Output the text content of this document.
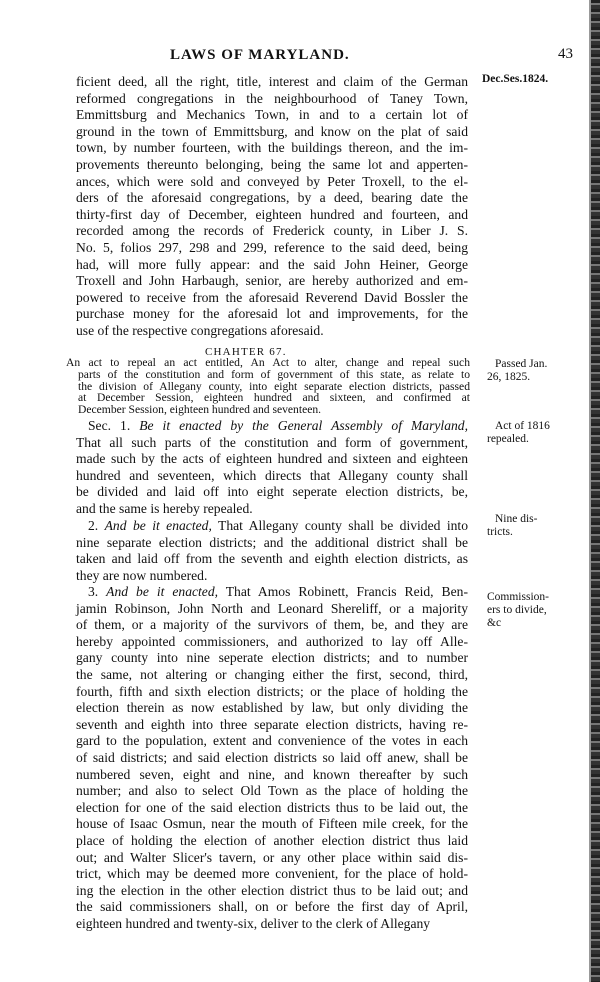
LAWS OF MARYLAND.	43
ficient deed, all the right, title, interest and claim of the German
reformed congregations in the neighbourhood of Taney Town,
Emmittsburg and Mechanics Town, in and to a certain lot of
ground in the town of Emmittsburg, and know on the plat of said
town, by number fourteen, with the buildings thereon, and the im-
provements thereunto belonging, being the same lot and apperten-
ances, which were sold and conveyed by Peter Troxell, to the el-
ders of the aforesaid congregations, by a deed, bearing date the
thirty-first day of December, eighteen hundred and fourteen, and
recorded among the records of Frederick county, in Liber J. S.
No. 5, folios 297, 298 and 299, reference to the said deed, being
had, will more fully appear: and the said John Heiner, George
Troxell and John Harbaugh, senior, are hereby authorized and em-
powered to receive from the aforesaid Reverend David Bossler the
purchase money for the aforesaid lot and improvements, for the
use of the respective congregations aforesaid.
CHAHTER 67.
An act to repeal an act entitled, An Act to alter, change and repeal such
parts of the constitution and form of government of this state, as relate to
the division of Allegany county, into eight separate election districts, passed
at December Session, eighteen hundred and sixteen, and confirmed at
December Session, eighteen hundred and seventeen.
Sec. 1. Be it enacted by the General Assembly of Maryland,
That all such parts of the constitution and form of government,
made such by the acts of eighteen hundred and sixteen and eighteen
hundred and seventeen, which directs that Allegany county shall
be divided and laid off into eight seperate election districts, be,
and the same is hereby repealed.
2. And be it enacted, That Allegany county shall be divided into
nine separate election districts; and the additional district shall be
taken and laid off from the seventh and eighth election districts, as
they are now numbered.
3. And be it enacted, That Amos Robinett, Francis Reid, Ben-
jamin Robinson, John North and Leonard Shereliff, or a majority
of them, or a majority of the survivors of them, be, and they are
hereby appointed commissioners, and authorized to lay off Alle-
gany county into nine seperate election districts; and to number
the same, not altering or changing either the first, second, third,
fourth, fifth and sixth election districts; or the place of holding the
election therein as now established by law, but only dividing the
seventh and eighth into three separate election districts, having re-
gard to the population, extent and convenience of the votes in each
of said districts; and said election districts so laid off anew, shall be
numbered seven, eight and nine, and known thereafter by such
number; and also to select Old Town as the place of holding the
election for one of the said election districts thus to be laid out, the
house of Isaac Osmun, near the mouth of Fifteen mile creek, for the
place of holding the election of another election district thus laid
out; and Walter Slicer's tavern, or any other place within said dis-
trict, which may be deemed more convenient, for the place of hold-
ing the election in the other election district thus to be laid out; and
the said commissioners shall, on or before the first day of April,
eighteen hundred and twenty-six, deliver to the clerk of Allegany
Dec.Ses.1824.
Passed Jan.
26, 1825.
Act of 1816
repealed.
Nine dis-
tricts.
Commission-
ers to divide,
&c
